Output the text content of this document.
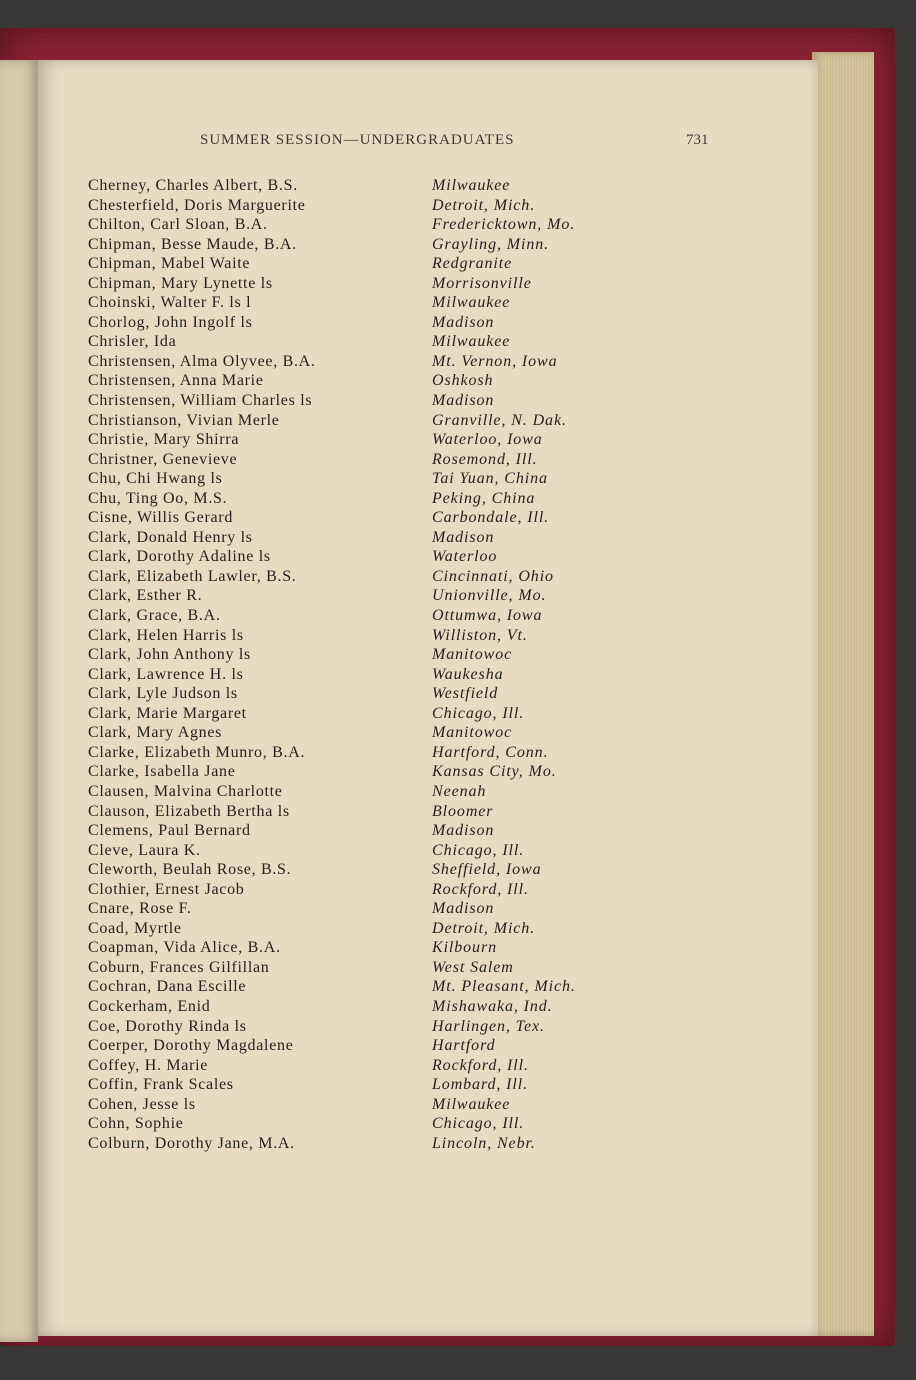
SUMMER SESSION—UNDERGRADUATES	731
Cherney, Charles Albert, B.S.	Milwaukee
Chesterfield, Doris Marguerite	Detroit, Mich.
Chilton, Carl Sloan, B.A.	Fredericktown, Mo.
Chipman, Besse Maude, B.A.	Grayling, Minn.
Chipman, Mabel Waite	Redgranite
Chipman, Mary Lynette ls	Morrisonville
Choinski, Walter F. ls l	Milwaukee
Chorlog, John Ingolf ls	Madison
Chrisler, Ida	Milwaukee
Christensen, Alma Olyvee, B.A.	Mt. Vernon, Iowa
Christensen, Anna Marie	Oshkosh
Christensen, William Charles ls	Madison
Christianson, Vivian Merle	Granville, N. Dak.
Christie, Mary Shirra	Waterloo, Iowa
Christner, Genevieve	Rosemond, Ill.
Chu, Chi Hwang ls	Tai Yuan, China
Chu, Ting Oo, M.S.	Peking, China
Cisne, Willis Gerard	Carbondale, Ill.
Clark, Donald Henry ls	Madison
Clark, Dorothy Adaline ls	Waterloo
Clark, Elizabeth Lawler, B.S.	Cincinnati, Ohio
Clark, Esther R.	Unionville, Mo.
Clark, Grace, B.A.	Ottumwa, Iowa
Clark, Helen Harris ls	Williston, Vt.
Clark, John Anthony ls	Manitowoc
Clark, Lawrence H. ls	Waukesha
Clark, Lyle Judson ls	Westfield
Clark, Marie Margaret	Chicago, Ill.
Clark, Mary Agnes	Manitowoc
Clarke, Elizabeth Munro, B.A.	Hartford, Conn.
Clarke, Isabella Jane	Kansas City, Mo.
Clausen, Malvina Charlotte	Neenah
Clauson, Elizabeth Bertha ls	Bloomer
Clemens, Paul Bernard	Madison
Cleve, Laura K.	Chicago, Ill.
Cleworth, Beulah Rose, B.S.	Sheffield, Iowa
Clothier, Ernest Jacob	Rockford, Ill.
Cnare, Rose F.	Madison
Coad, Myrtle	Detroit, Mich.
Coapman, Vida Alice, B.A.	Kilbourn
Coburn, Frances Gilfillan	West Salem
Cochran, Dana Escille	Mt. Pleasant, Mich.
Cockerham, Enid	Mishawaka, Ind.
Coe, Dorothy Rinda ls	Harlingen, Tex.
Coerper, Dorothy Magdalene	Hartford
Coffey, H. Marie	Rockford, Ill.
Coffin, Frank Scales	Lombard, Ill.
Cohen, Jesse ls	Milwaukee
Cohn, Sophie	Chicago, Ill.
Colburn, Dorothy Jane, M.A.	Lincoln, Nebr.
